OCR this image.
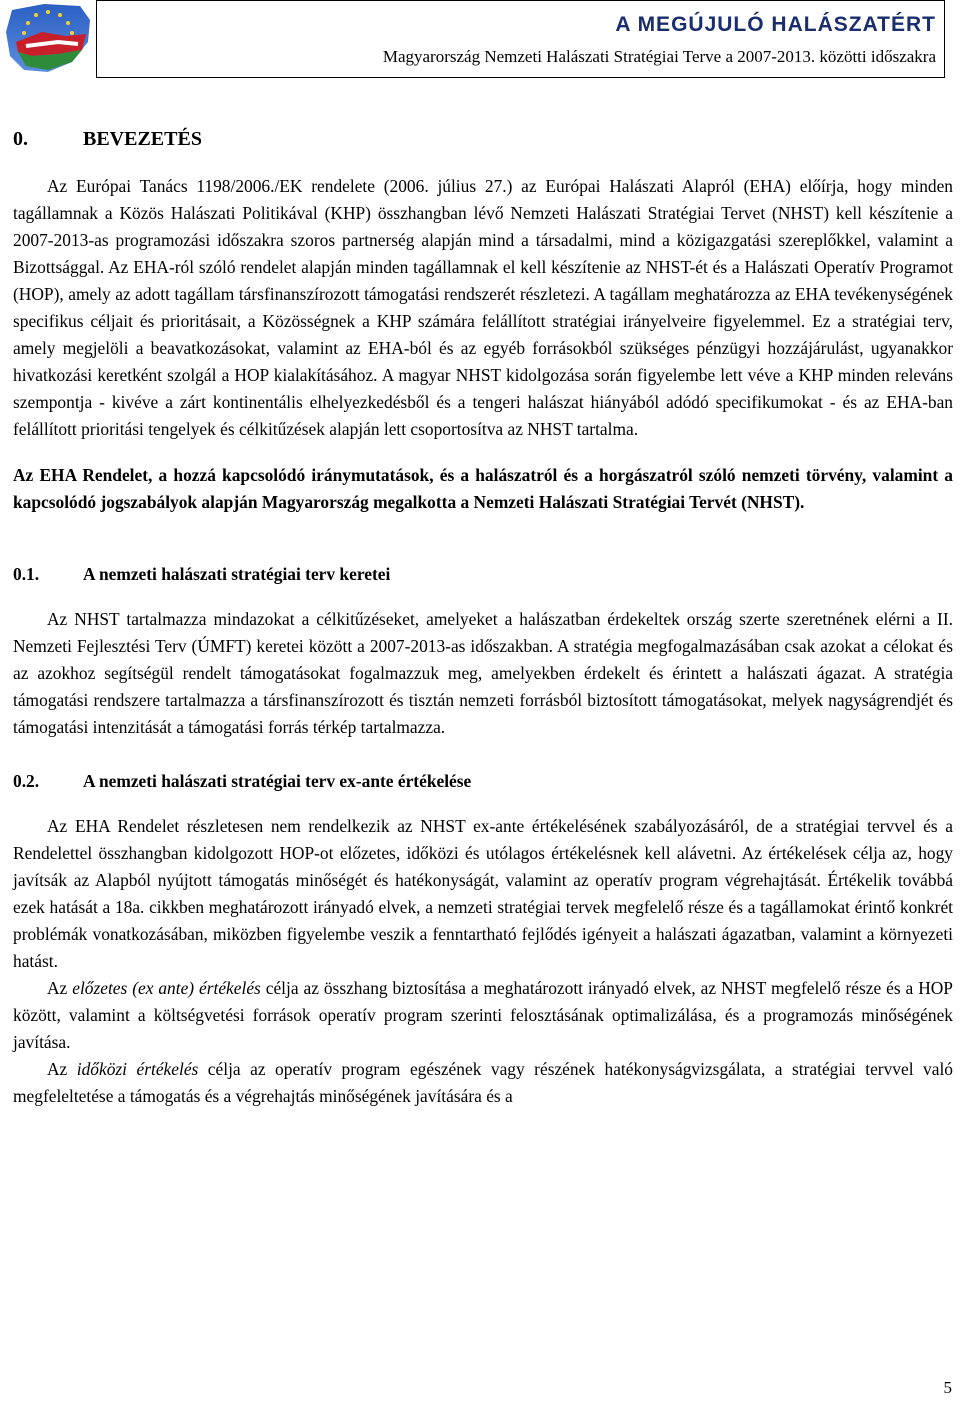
A MEGÚJULÓ HALÁSZATÉRT
Magyarország Nemzeti Halászati Stratégiai Terve a 2007-2013. közötti időszakra
0.	BEVEZETÉS

Az Európai Tanács 1198/2006./EK rendelete (2006. július 27.) az Európai Halászati Alapról (EHA) előírja, hogy minden tagállamnak a Közös Halászati Politikával (KHP) összhangban lévő Nemzeti Halászati Stratégiai Tervet (NHST) kell készítenie a 2007-2013-as programozási időszakra szoros partnerség alapján mind a társadalmi, mind a közigazgatási szereplőkkel, valamint a Bizottsággal. Az EHA-ról szóló rendelet alapján minden tagállamnak el kell készítenie az NHST-ét és a Halászati Operatív Programot (HOP), amely az adott tagállam társfinanszírozott támogatási rendszerét részletezi. A tagállam meghatározza az EHA tevékenységének specifikus céljait és prioritásait, a Közösségnek a KHP számára felállított stratégiai irányelveire figyelemmel. Ez a stratégiai terv, amely megjelöli a beavatkozásokat, valamint az EHA-ból és az egyéb forrásokból szükséges pénzügyi hozzájárulást, ugyanakkor hivatkozási keretként szolgál a HOP kialakításához. A magyar NHST kidolgozása során figyelembe lett véve a KHP minden releváns szempontja - kivéve a zárt kontinentális elhelyezkedésből és a tengeri halászat hiányából adódó specifikumokat - és az EHA-ban felállított prioritási tengelyek és célkitűzések alapján lett csoportosítva az NHST tartalma.

Az EHA Rendelet, a hozzá kapcsolódó iránymutatások, és a halászatról és a horgászatról szóló nemzeti törvény, valamint a kapcsolódó jogszabályok alapján Magyarország megalkotta a Nemzeti Halászati Stratégiai Tervét (NHST).

0.1.	A nemzeti halászati stratégiai terv keretei

Az NHST tartalmazza mindazokat a célkitűzéseket, amelyeket a halászatban érdekeltek ország szerte szeretnének elérni a II. Nemzeti Fejlesztési Terv (ÚMFT) keretei között a 2007-2013-as időszakban. A stratégia megfogalmazásában csak azokat a célokat és az azokhoz segítségül rendelt támogatásokat fogalmazzuk meg, amelyekben érdekelt és érintett a halászati ágazat. A stratégia támogatási rendszere tartalmazza a társfinanszírozott és tisztán nemzeti forrásból biztosított támogatásokat, melyek nagyságrendjét és támogatási intenzitását a támogatási forrás térkép tartalmazza.

0.2.	A nemzeti halászati stratégiai terv ex-ante értékelése

Az EHA Rendelet részletesen nem rendelkezik az NHST ex-ante értékelésének szabályozásáról, de a stratégiai tervvel és a Rendelettel összhangban kidolgozott HOP-ot előzetes, időközi és utólagos értékelésnek kell alávetni. Az értékelések célja az, hogy javítsák az Alapból nyújtott támogatás minőségét és hatékonyságát, valamint az operatív program végrehajtását. Értékelik továbbá ezek hatását a 18a. cikkben meghatározott irányadó elvek, a nemzeti stratégiai tervek megfelelő része és a tagállamokat érintő konkrét problémák vonatkozásában, miközben figyelembe veszik a fenntartható fejlődés igényeit a halászati ágazatban, valamint a környezeti hatást.

Az előzetes (ex ante) értékelés célja az összhang biztosítása a meghatározott irányadó elvek, az NHST megfelelő része és a HOP között, valamint a költségvetési források operatív program szerinti felosztásának optimalizálása, és a programozás minőségének javítása.

Az időközi értékelés célja az operatív program egészének vagy részének hatékonyságvizsgálata, a stratégiai tervvel való megfeleltetése a támogatás és a végrehajtás minőségének javítására és a

5
